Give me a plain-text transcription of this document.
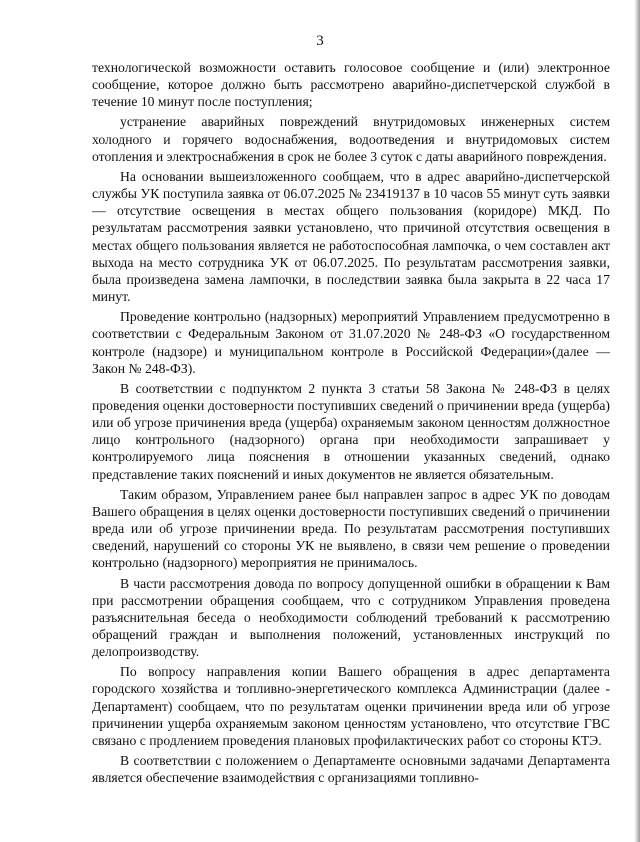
3

технологической возможности оставить голосовое сообщение и (или) электронное сообщение, которое должно быть рассмотрено аварийно-диспетчерской службой в течение 10 минут после поступления;

устранение аварийных повреждений внутридомовых инженерных систем холодного и горячего водоснабжения, водоотведения и внутридомовых систем отопления и электроснабжения в срок не более 3 суток с даты аварийного повреждения.

На основании вышеизложенного сообщаем, что в адрес аварийно-диспетчерской службы УК поступила заявка от 06.07.2025 № 23419137 в 10 часов 55 минут суть заявки — отсутствие освещения в местах общего пользования (коридоре) МКД. По результатам рассмотрения заявки установлено, что причиной отсутствия освещения в местах общего пользования является не работоспособная лампочка, о чем составлен акт выхода на место сотрудника УК от 06.07.2025. По результатам рассмотрения заявки, была произведена замена лампочки, в последствии заявка была закрыта в 22 часа 17 минут.

Проведение контрольно (надзорных) мероприятий Управлением предусмотренно в соответствии с Федеральным Законом от 31.07.2020 № 248-ФЗ «О государственном контроле (надзоре) и муниципальном контроле в Российской Федерации»(далее — Закон № 248-ФЗ).

В соответствии с подпунктом 2 пункта 3 статьи 58 Закона № 248-ФЗ в целях проведения оценки достоверности поступивших сведений о причинении вреда (ущерба) или об угрозе причинения вреда (ущерба) охраняемым законом ценностям должностное лицо контрольного (надзорного) органа при необходимости запрашивает у контролируемого лица пояснения в отношении указанных сведений, однако представление таких пояснений и иных документов не является обязательным.

Таким образом, Управлением ранее был направлен запрос в адрес УК по доводам Вашего обращения в целях оценки достоверности поступивших сведений о причинении вреда или об угрозе причинении вреда. По результатам рассмотрения поступивших сведений, нарушений со стороны УК не выявлено, в связи чем решение о проведении контрольно (надзорного) мероприятия не принималось.

В части рассмотрения довода по вопросу допущенной ошибки в обращении к Вам при рассмотрении обращения сообщаем, что с сотрудником Управления проведена разъяснительная беседа о необходимости соблюдений требований к рассмотрению обращений граждан и выполнения положений, установленных инструкций по делопроизводству.

По вопросу направления копии Вашего обращения в адрес департамента городского хозяйства и топливно-энергетического комплекса Администрации (далее - Департамент) сообщаем, что по результатам оценки причинении вреда или об угрозе причинении ущерба охраняемым законом ценностям установлено, что отсутствие ГВС связано с продлением проведения плановых профилактических работ со стороны КТЭ.

В соответствии с положением о Департаменте основными задачами Департамента является обеспечение взаимодействия с организациями топливно-
